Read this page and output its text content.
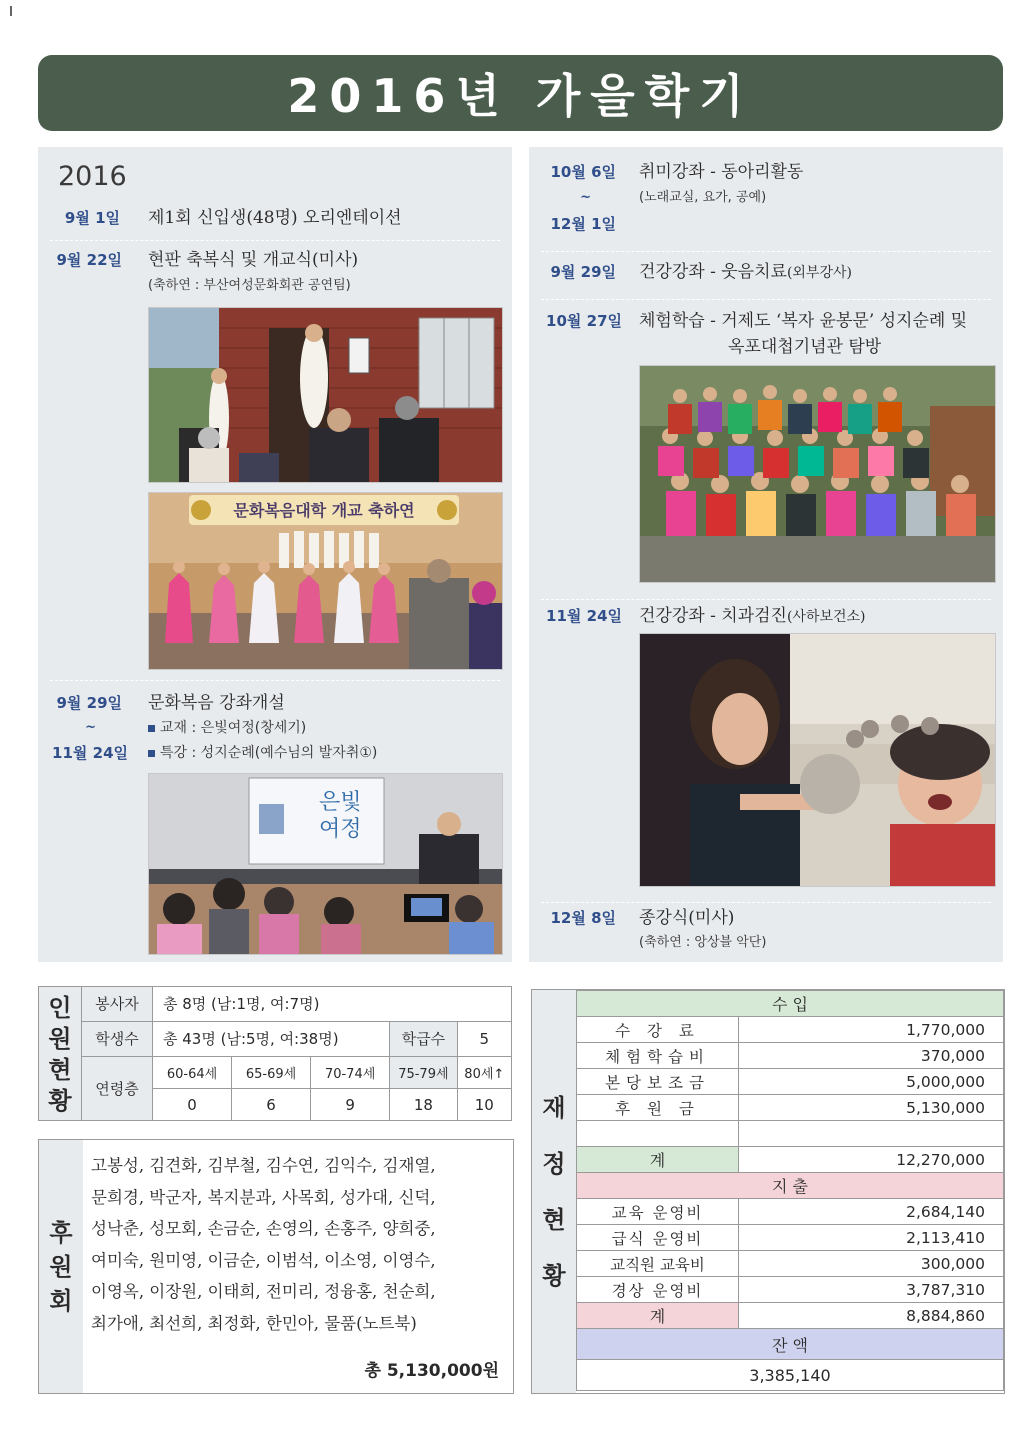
2016년 가을학기
2016
9월 1일 제1회 신입생(48명) 오리엔테이션
9월 22일 현판 축복식 및 개교식(미사)
(축하연 : 부산여성문화회관 공연팀)
문화복음대학 개교 축하연
9월 29일
~
11월 24일
문화복음 강좌개설
교재 : 은빛여정(창세기)
특강 : 성지순례(예수님의 발자취①)
은빛
여정
10월 6일
~
12월 1일
취미강좌 - 동아리활동
(노래교실, 요가, 공예)
9월 29일 건강강좌 - 웃음치료(외부강사)
10월 27일 체험학습 - 거제도 ‘복자 윤봉문’ 성지순례 및
옥포대첩기념관 탐방
11월 24일 건강강좌 - 치과검진(사하보건소)
12월 8일 종강식(미사)
(축하연 : 앙상블 악단)
인
원
현
황	봉사자	총 8명 (남:1명, 여:7명)				
	학생수	총 43명 (남:5명, 여:38명)			학급수	5
	연령층	60-64세	65-69세	70-74세	75-79세	80세↑
		0	6	9	18	10
후
원
회
고봉성, 김견화, 김부철, 김수연, 김익수, 김재열,
문희경, 박군자, 복지분과, 사목회, 성가대, 신덕,
성낙춘, 성모회, 손금순, 손영의, 손홍주, 양희중,
여미숙, 원미영, 이금순, 이범석, 이소영, 이영수,
이영옥, 이장원, 이태희, 전미리, 정융홍, 천순희,
최가애, 최선희, 최정화, 한민아, 물품(노트북)
총 5,130,000원
재
정
현
황
수 입	
수 강 료	1,770,000
체험학습비	370,000
본당보조금	5,000,000
후 원 금	5,130,000

계	12,270,000
지 출	
교육 운영비	2,684,140
급식 운영비	2,113,410
교직원 교육비	300,000
경상 운영비	3,787,310
계	8,884,860
잔 액	
3,385,140	
